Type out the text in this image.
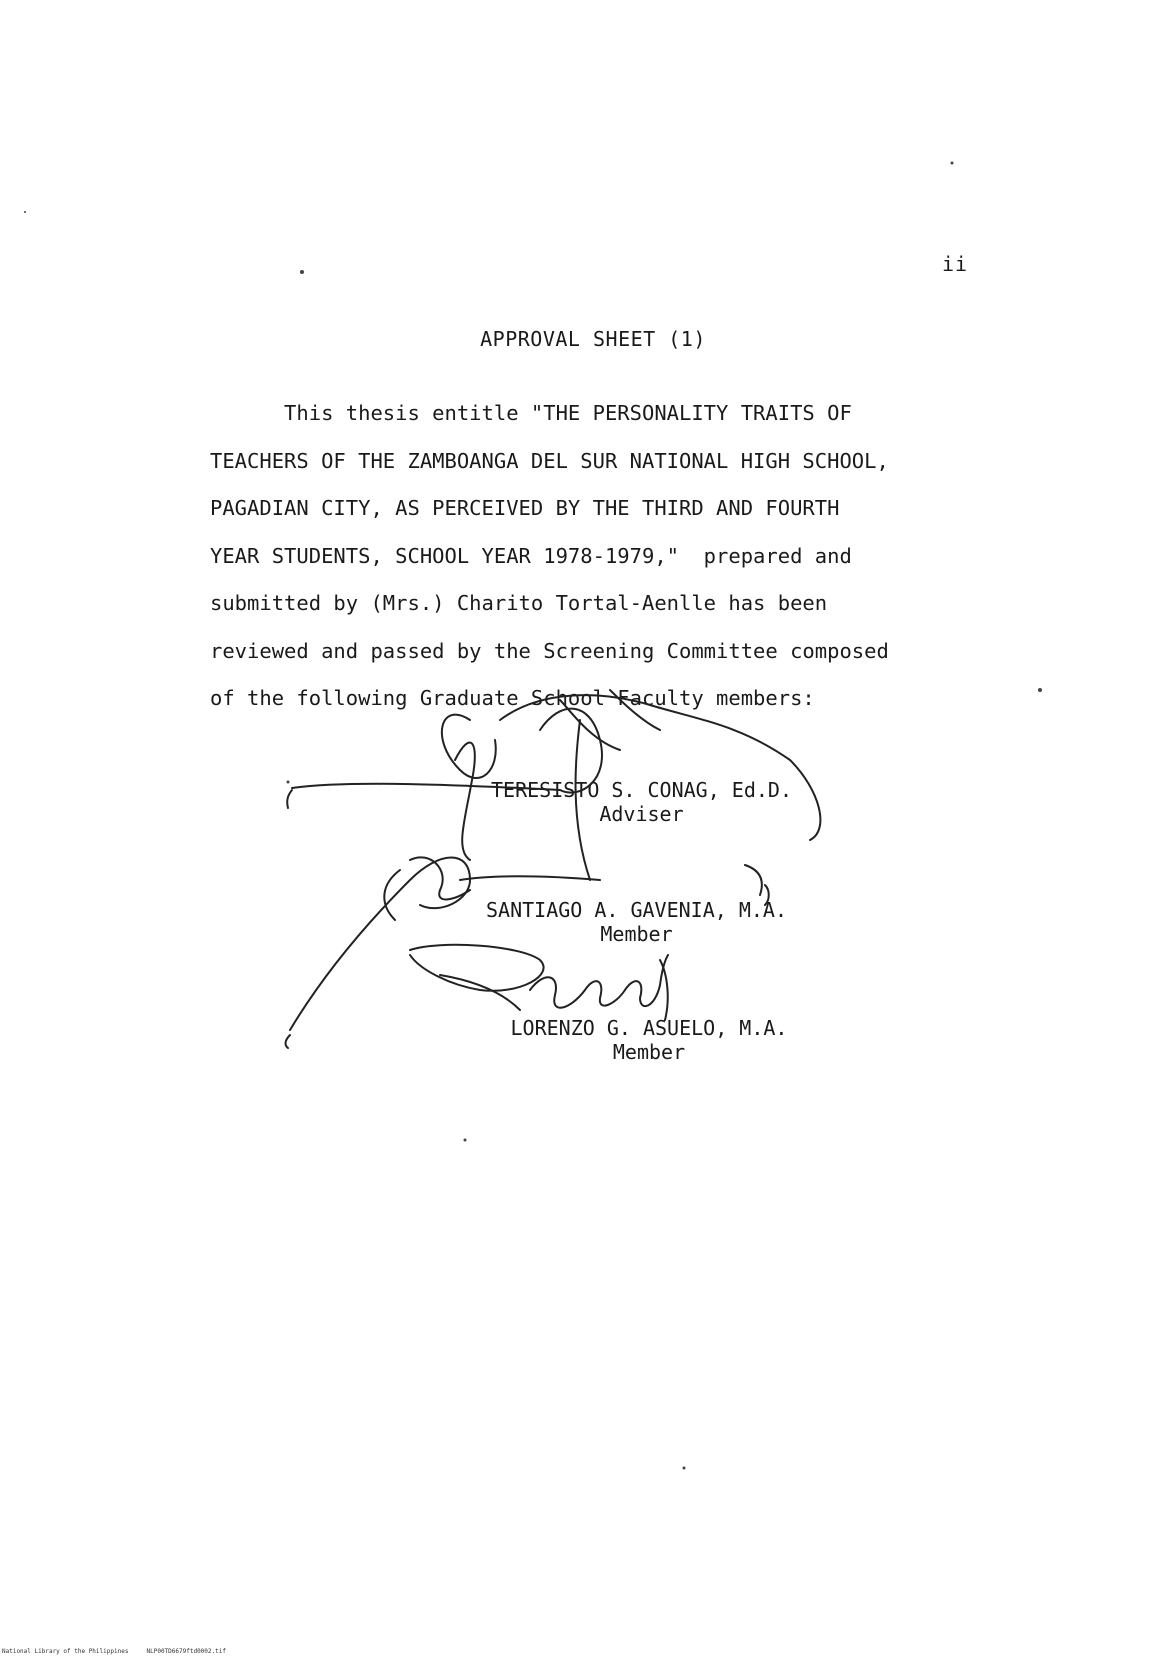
ii
APPROVAL SHEET (1)
This thesis entitle "THE PERSONALITY TRAITS OF
TEACHERS OF THE ZAMBOANGA DEL SUR NATIONAL HIGH SCHOOL,
PAGADIAN CITY, AS PERCEIVED BY THE THIRD AND FOURTH
YEAR STUDENTS, SCHOOL YEAR 1978-1979,"  prepared and
submitted by (Mrs.) Charito Tortal-Aenlle has been
reviewed and passed by the Screening Committee composed
of the following Graduate School Faculty members:
TERESISTO S. CONAG, Ed.D.
Adviser
SANTIAGO A. GAVENIA, M.A.
Member
LORENZO G. ASUELO, M.A.
Member
National Library of the Philippines     NLP00TD6679ftd0002.tif
